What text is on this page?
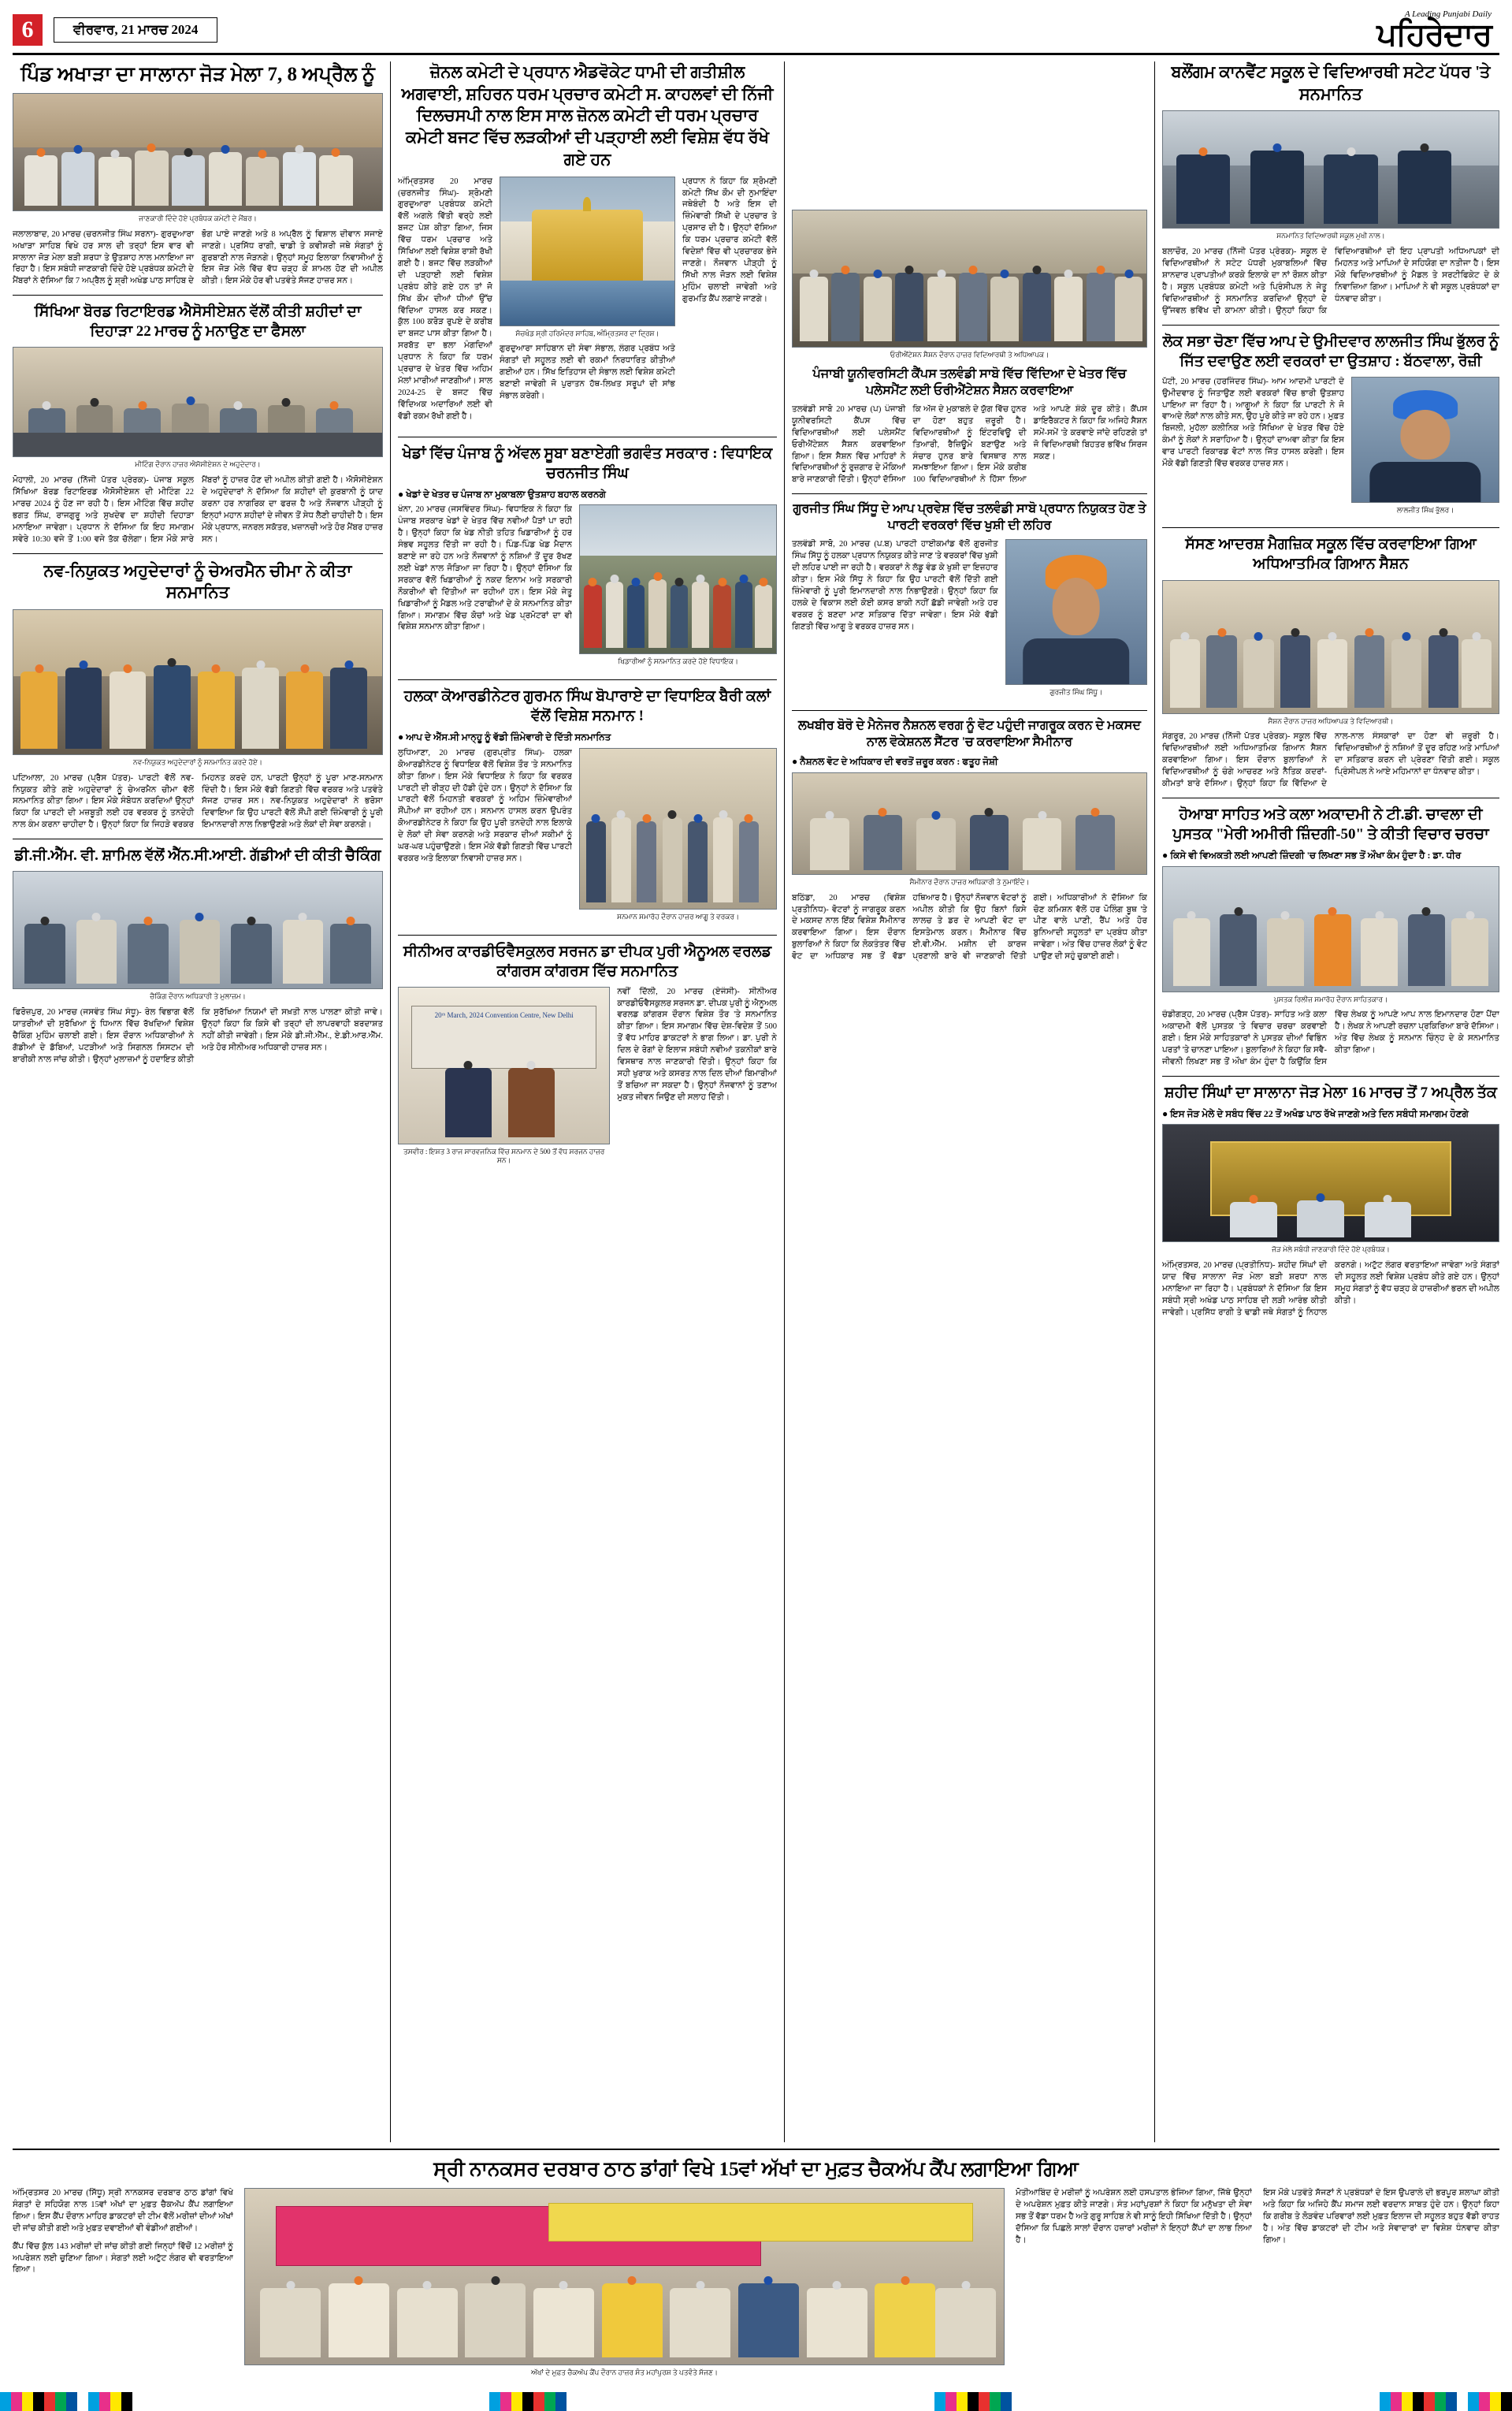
6	ਵੀਰਵਾਰ, 21 ਮਾਰਚ 2024
A Leading Punjabi Daily
ਪਹਿਰੇਦਾਰ
ਪਿੰਡ ਅਖਾੜਾ ਦਾ ਸਾਲਾਨਾ ਜੋੜ ਮੇਲਾ 7, 8 ਅਪ੍ਰੈਲ ਨੂੰ
ਜਾਣਕਾਰੀ ਦਿੰਦੇ ਹੋਏ ਪ੍ਰਬੰਧਕ ਕਮੇਟੀ ਦੇ ਮੈਂਬਰ।
ਜਲਾਲਾਬਾਦ, 20 ਮਾਰਚ (ਚਰਨਜੀਤ ਸਿੰਘ ਸਰਨਾ)- ਗੁਰਦੁਆਰਾ ਅਖਾੜਾ ਸਾਹਿਬ ਵਿਖੇ ਹਰ ਸਾਲ ਦੀ ਤਰ੍ਹਾਂ ਇਸ ਵਾਰ ਵੀ ਸਾਲਾਨਾ ਜੋੜ ਮੇਲਾ ਬੜੀ ਸ਼ਰਧਾ ਤੇ ਉਤਸ਼ਾਹ ਨਾਲ ਮਨਾਇਆ ਜਾ ਰਿਹਾ ਹੈ। ਇਸ ਸਬੰਧੀ ਜਾਣਕਾਰੀ ਦਿੰਦੇ ਹੋਏ ਪ੍ਰਬੰਧਕ ਕਮੇਟੀ ਦੇ ਮੈਂਬਰਾਂ ਨੇ ਦੱਸਿਆ ਕਿ 7 ਅਪ੍ਰੈਲ ਨੂੰ ਸ਼੍ਰੀ ਅਖੰਡ ਪਾਠ ਸਾਹਿਬ ਦੇ ਭੋਗ ਪਾਏ ਜਾਣਗੇ ਅਤੇ 8 ਅਪ੍ਰੈਲ ਨੂੰ ਵਿਸ਼ਾਲ ਦੀਵਾਨ ਸਜਾਏ ਜਾਣਗੇ। ਪ੍ਰਸਿੱਧ ਰਾਗੀ, ਢਾਡੀ ਤੇ ਕਵੀਸ਼ਰੀ ਜਥੇ ਸੰਗਤਾਂ ਨੂੰ ਗੁਰਬਾਣੀ ਨਾਲ ਜੋੜਨਗੇ। ਉਨ੍ਹਾਂ ਸਮੂਹ ਇਲਾਕਾ ਨਿਵਾਸੀਆਂ ਨੂੰ ਇਸ ਜੋੜ ਮੇਲੇ ਵਿੱਚ ਵੱਧ ਚੜ੍ਹ ਕੇ ਸ਼ਾਮਲ ਹੋਣ ਦੀ ਅਪੀਲ ਕੀਤੀ। ਇਸ ਮੌਕੇ ਹੋਰ ਵੀ ਪਤਵੰਤੇ ਸੱਜਣ ਹਾਜ਼ਰ ਸਨ।
ਸਿੱਖਿਆ ਬੋਰਡ ਰਿਟਾਇਰਡ ਐਸੋਸੀਏਸ਼ਨ ਵੱਲੋਂ ਕੀਤੀ ਸ਼ਹੀਦਾਂ ਦਾ ਦਿਹਾੜਾ 22 ਮਾਰਚ ਨੂੰ ਮਨਾਉਣ ਦਾ ਫੈਸਲਾ
ਮੀਟਿੰਗ ਦੌਰਾਨ ਹਾਜ਼ਰ ਐਸੋਸੀਏਸ਼ਨ ਦੇ ਅਹੁਦੇਦਾਰ।
ਮੋਹਾਲੀ, 20 ਮਾਰਚ (ਨਿੱਜੀ ਪੱਤਰ ਪ੍ਰੇਰਕ)- ਪੰਜਾਬ ਸਕੂਲ ਸਿੱਖਿਆ ਬੋਰਡ ਰਿਟਾਇਰਡ ਐਸੋਸੀਏਸ਼ਨ ਦੀ ਮੀਟਿੰਗ 22 ਮਾਰਚ 2024 ਨੂੰ ਹੋਣ ਜਾ ਰਹੀ ਹੈ। ਇਸ ਮੀਟਿੰਗ ਵਿੱਚ ਸ਼ਹੀਦ ਭਗਤ ਸਿੰਘ, ਰਾਜਗੁਰੂ ਅਤੇ ਸੁਖਦੇਵ ਦਾ ਸ਼ਹੀਦੀ ਦਿਹਾੜਾ ਮਨਾਇਆ ਜਾਵੇਗਾ। ਪ੍ਰਧਾਨ ਨੇ ਦੱਸਿਆ ਕਿ ਇਹ ਸਮਾਗਮ ਸਵੇਰੇ 10:30 ਵਜੇ ਤੋਂ 1:00 ਵਜੇ ਤੱਕ ਚੱਲੇਗਾ। ਇਸ ਮੌਕੇ ਸਾਰੇ ਮੈਂਬਰਾਂ ਨੂੰ ਹਾਜ਼ਰ ਹੋਣ ਦੀ ਅਪੀਲ ਕੀਤੀ ਗਈ ਹੈ। ਐਸੋਸੀਏਸ਼ਨ ਦੇ ਅਹੁਦੇਦਾਰਾਂ ਨੇ ਦੱਸਿਆ ਕਿ ਸ਼ਹੀਦਾਂ ਦੀ ਕੁਰਬਾਨੀ ਨੂੰ ਯਾਦ ਕਰਨਾ ਹਰ ਨਾਗਰਿਕ ਦਾ ਫਰਜ਼ ਹੈ ਅਤੇ ਨੌਜਵਾਨ ਪੀੜ੍ਹੀ ਨੂੰ ਇਨ੍ਹਾਂ ਮਹਾਨ ਸ਼ਹੀਦਾਂ ਦੇ ਜੀਵਨ ਤੋਂ ਸੇਧ ਲੈਣੀ ਚਾਹੀਦੀ ਹੈ। ਇਸ ਮੌਕੇ ਪ੍ਰਧਾਨ, ਜਨਰਲ ਸਕੱਤਰ, ਖ਼ਜ਼ਾਨਚੀ ਅਤੇ ਹੋਰ ਮੈਂਬਰ ਹਾਜ਼ਰ ਸਨ।
ਨਵ-ਨਿਯੁਕਤ ਅਹੁਦੇਦਾਰਾਂ ਨੂੰ ਚੇਅਰਮੈਨ ਚੀਮਾ ਨੇ ਕੀਤਾ ਸਨਮਾਨਿਤ
ਨਵ-ਨਿਯੁਕਤ ਅਹੁਦੇਦਾਰਾਂ ਨੂੰ ਸਨਮਾਨਿਤ ਕਰਦੇ ਹੋਏ।
ਪਟਿਆਲਾ, 20 ਮਾਰਚ (ਪ੍ਰੈਸ ਪੱਤਰ)- ਪਾਰਟੀ ਵੱਲੋਂ ਨਵ-ਨਿਯੁਕਤ ਕੀਤੇ ਗਏ ਅਹੁਦੇਦਾਰਾਂ ਨੂੰ ਚੇਅਰਮੈਨ ਚੀਮਾ ਵੱਲੋਂ ਸਨਮਾਨਿਤ ਕੀਤਾ ਗਿਆ। ਇਸ ਮੌਕੇ ਸੰਬੋਧਨ ਕਰਦਿਆਂ ਉਨ੍ਹਾਂ ਕਿਹਾ ਕਿ ਪਾਰਟੀ ਦੀ ਮਜ਼ਬੂਤੀ ਲਈ ਹਰ ਵਰਕਰ ਨੂੰ ਤਨਦੇਹੀ ਨਾਲ ਕੰਮ ਕਰਨਾ ਚਾਹੀਦਾ ਹੈ। ਉਨ੍ਹਾਂ ਕਿਹਾ ਕਿ ਜਿਹੜੇ ਵਰਕਰ ਮਿਹਨਤ ਕਰਦੇ ਹਨ, ਪਾਰਟੀ ਉਨ੍ਹਾਂ ਨੂੰ ਪੂਰਾ ਮਾਣ-ਸਨਮਾਨ ਦਿੰਦੀ ਹੈ। ਇਸ ਮੌਕੇ ਵੱਡੀ ਗਿਣਤੀ ਵਿੱਚ ਵਰਕਰ ਅਤੇ ਪਤਵੰਤੇ ਸੱਜਣ ਹਾਜ਼ਰ ਸਨ। ਨਵ-ਨਿਯੁਕਤ ਅਹੁਦੇਦਾਰਾਂ ਨੇ ਭਰੋਸਾ ਦਿਵਾਇਆ ਕਿ ਉਹ ਪਾਰਟੀ ਵੱਲੋਂ ਸੌਂਪੀ ਗਈ ਜ਼ਿੰਮੇਵਾਰੀ ਨੂੰ ਪੂਰੀ ਇਮਾਨਦਾਰੀ ਨਾਲ ਨਿਭਾਉਣਗੇ ਅਤੇ ਲੋਕਾਂ ਦੀ ਸੇਵਾ ਕਰਨਗੇ।
ਡੀ.ਜੀ.ਐੱਮ. ਵੀ. ਸ਼ਾਮਿਲ ਵੱਲੋਂ ਐੱਨ.ਸੀ.ਆਈ. ਗੱਡੀਆਂ ਦੀ ਕੀਤੀ ਚੈਕਿੰਗ
ਚੈਕਿੰਗ ਦੌਰਾਨ ਅਧਿਕਾਰੀ ਤੇ ਮੁਲਾਜ਼ਮ।
ਫਿਰੋਜ਼ਪੁਰ, 20 ਮਾਰਚ (ਜਸਵੰਤ ਸਿੰਘ ਸੰਧੂ)- ਰੇਲ ਵਿਭਾਗ ਵੱਲੋਂ ਯਾਤਰੀਆਂ ਦੀ ਸੁਰੱਖਿਆ ਨੂੰ ਧਿਆਨ ਵਿੱਚ ਰੱਖਦਿਆਂ ਵਿਸ਼ੇਸ਼ ਚੈਕਿੰਗ ਮੁਹਿੰਮ ਚਲਾਈ ਗਈ। ਇਸ ਦੌਰਾਨ ਅਧਿਕਾਰੀਆਂ ਨੇ ਗੱਡੀਆਂ ਦੇ ਡੱਬਿਆਂ, ਪਟੜੀਆਂ ਅਤੇ ਸਿਗਨਲ ਸਿਸਟਮ ਦੀ ਬਾਰੀਕੀ ਨਾਲ ਜਾਂਚ ਕੀਤੀ। ਉਨ੍ਹਾਂ ਮੁਲਾਜ਼ਮਾਂ ਨੂੰ ਹਦਾਇਤ ਕੀਤੀ ਕਿ ਸੁਰੱਖਿਆ ਨਿਯਮਾਂ ਦੀ ਸਖ਼ਤੀ ਨਾਲ ਪਾਲਣਾ ਕੀਤੀ ਜਾਵੇ। ਉਨ੍ਹਾਂ ਕਿਹਾ ਕਿ ਕਿਸੇ ਵੀ ਤਰ੍ਹਾਂ ਦੀ ਲਾਪਰਵਾਹੀ ਬਰਦਾਸ਼ਤ ਨਹੀਂ ਕੀਤੀ ਜਾਵੇਗੀ। ਇਸ ਮੌਕੇ ਡੀ.ਜੀ.ਐੱਮ., ਏ.ਡੀ.ਆਰ.ਐੱਮ. ਅਤੇ ਹੋਰ ਸੀਨੀਅਰ ਅਧਿਕਾਰੀ ਹਾਜ਼ਰ ਸਨ।
ਜ਼ੋਨਲ ਕਮੇਟੀ ਦੇ ਪ੍ਰਧਾਨ ਐਡਵੋਕੇਟ ਧਾਮੀ ਦੀ ਗਤੀਸ਼ੀਲ ਅਗਵਾਈ, ਸ਼ਹਿਰਨ ਧਰਮ ਪ੍ਰਚਾਰ ਕਮੇਟੀ ਸ. ਕਾਹਲਵਾਂ ਦੀ ਨਿੱਜੀ ਦਿਲਚਸਪੀ ਨਾਲ ਇਸ ਸਾਲ ਜ਼ੋਨਲ ਕਮੇਟੀ ਦੀ ਧਰਮ ਪ੍ਰਚਾਰ ਕਮੇਟੀ ਬਜਟ ਵਿੱਚ ਲੜਕੀਆਂ ਦੀ ਪੜ੍ਹਾਈ ਲਈ ਵਿਸ਼ੇਸ਼ ਵੱਧ ਰੱਖੇ ਗਏ ਹਨ
ਅੰਮ੍ਰਿਤਸਰ 20 ਮਾਰਚ (ਚਰਨਜੀਤ ਸਿੰਘ)- ਸ਼੍ਰੋਮਣੀ ਗੁਰਦੁਆਰਾ ਪ੍ਰਬੰਧਕ ਕਮੇਟੀ ਵੱਲੋਂ ਅਗਲੇ ਵਿੱਤੀ ਵਰ੍ਹੇ ਲਈ ਬਜਟ ਪੇਸ਼ ਕੀਤਾ ਗਿਆ, ਜਿਸ ਵਿੱਚ ਧਰਮ ਪ੍ਰਚਾਰ ਅਤੇ ਸਿੱਖਿਆ ਲਈ ਵਿਸ਼ੇਸ਼ ਰਾਸ਼ੀ ਰੱਖੀ ਗਈ ਹੈ। ਬਜਟ ਵਿੱਚ ਲੜਕੀਆਂ ਦੀ ਪੜ੍ਹਾਈ ਲਈ ਵਿਸ਼ੇਸ਼ ਪ੍ਰਬੰਧ ਕੀਤੇ ਗਏ ਹਨ ਤਾਂ ਜੋ ਸਿੱਖ ਕੌਮ ਦੀਆਂ ਧੀਆਂ ਉੱਚ ਵਿੱਦਿਆ ਹਾਸਲ ਕਰ ਸਕਣ। ਕੁੱਲ 100 ਕਰੋੜ ਰੁਪਏ ਦੇ ਕਰੀਬ ਦਾ ਬਜਟ ਪਾਸ ਕੀਤਾ ਗਿਆ ਹੈ। ਸਰਬੱਤ ਦਾ ਭਲਾ ਮੰਗਦਿਆਂ ਪ੍ਰਧਾਨ ਨੇ ਕਿਹਾ ਕਿ ਧਰਮ ਪ੍ਰਚਾਰ ਦੇ ਖੇਤਰ ਵਿੱਚ ਅਹਿਮ ਮੱਲਾਂ ਮਾਰੀਆਂ ਜਾਣਗੀਆਂ। ਸਾਲ 2024-25 ਦੇ ਬਜਟ ਵਿੱਚ ਵਿੱਦਿਅਕ ਅਦਾਰਿਆਂ ਲਈ ਵੀ ਵੱਡੀ ਰਕਮ ਰੱਖੀ ਗਈ ਹੈ।
ਸੱਚਖੰਡ ਸ੍ਰੀ ਹਰਿਮੰਦਰ ਸਾਹਿਬ, ਅੰਮ੍ਰਿਤਸਰ ਦਾ ਦ੍ਰਿਸ਼।
ਗੁਰਦੁਆਰਾ ਸਾਹਿਬਾਨ ਦੀ ਸੇਵਾ ਸੰਭਾਲ, ਲੰਗਰ ਪ੍ਰਬੰਧ ਅਤੇ ਸੰਗਤਾਂ ਦੀ ਸਹੂਲਤ ਲਈ ਵੀ ਰਕਮਾਂ ਨਿਰਧਾਰਿਤ ਕੀਤੀਆਂ ਗਈਆਂ ਹਨ। ਸਿੱਖ ਇਤਿਹਾਸ ਦੀ ਸੰਭਾਲ ਲਈ ਵਿਸ਼ੇਸ਼ ਕਮੇਟੀ ਬਣਾਈ ਜਾਵੇਗੀ ਜੋ ਪੁਰਾਤਨ ਹੱਥ-ਲਿਖਤ ਸਰੂਪਾਂ ਦੀ ਸਾਂਭ ਸੰਭਾਲ ਕਰੇਗੀ।
ਪ੍ਰਧਾਨ ਨੇ ਕਿਹਾ ਕਿ ਸ਼੍ਰੋਮਣੀ ਕਮੇਟੀ ਸਿੱਖ ਕੌਮ ਦੀ ਨੁਮਾਇੰਦਾ ਜਥੇਬੰਦੀ ਹੈ ਅਤੇ ਇਸ ਦੀ ਜ਼ਿੰਮੇਵਾਰੀ ਸਿੱਖੀ ਦੇ ਪ੍ਰਚਾਰ ਤੇ ਪ੍ਰਸਾਰ ਦੀ ਹੈ। ਉਨ੍ਹਾਂ ਦੱਸਿਆ ਕਿ ਧਰਮ ਪ੍ਰਚਾਰ ਕਮੇਟੀ ਵੱਲੋਂ ਵਿਦੇਸ਼ਾਂ ਵਿੱਚ ਵੀ ਪ੍ਰਚਾਰਕ ਭੇਜੇ ਜਾਣਗੇ। ਨੌਜਵਾਨ ਪੀੜ੍ਹੀ ਨੂੰ ਸਿੱਖੀ ਨਾਲ ਜੋੜਨ ਲਈ ਵਿਸ਼ੇਸ਼ ਮੁਹਿੰਮ ਚਲਾਈ ਜਾਵੇਗੀ ਅਤੇ ਗੁਰਮਤਿ ਕੈਂਪ ਲਗਾਏ ਜਾਣਗੇ।
ਖੇਡਾਂ ਵਿੱਚ ਪੰਜਾਬ ਨੂੰ ਅੱਵਲ ਸੂਬਾ ਬਣਾਏਗੀ ਭਗਵੰਤ ਸਰਕਾਰ : ਵਿਧਾਇਕ ਚਰਨਜੀਤ ਸਿੰਘ
● ਖੇਡਾਂ ਦੇ ਖੇਤਰ ਚ ਪੰਜਾਬ ਨਾ ਮੁਕਾਬਲਾ ਉਤਸ਼ਾਹ ਬਹਾਲ ਕਰਨਗੇ
ਖੰਨਾ, 20 ਮਾਰਚ (ਜਸਵਿੰਦਰ ਸਿੰਘ)- ਵਿਧਾਇਕ ਨੇ ਕਿਹਾ ਕਿ ਪੰਜਾਬ ਸਰਕਾਰ ਖੇਡਾਂ ਦੇ ਖੇਤਰ ਵਿੱਚ ਨਵੀਆਂ ਪੈੜਾਂ ਪਾ ਰਹੀ ਹੈ। ਉਨ੍ਹਾਂ ਕਿਹਾ ਕਿ ਖੇਡ ਨੀਤੀ ਤਹਿਤ ਖਿਡਾਰੀਆਂ ਨੂੰ ਹਰ ਸੰਭਵ ਸਹੂਲਤ ਦਿੱਤੀ ਜਾ ਰਹੀ ਹੈ। ਪਿੰਡ-ਪਿੰਡ ਖੇਡ ਮੈਦਾਨ ਬਣਾਏ ਜਾ ਰਹੇ ਹਨ ਅਤੇ ਨੌਜਵਾਨਾਂ ਨੂੰ ਨਸ਼ਿਆਂ ਤੋਂ ਦੂਰ ਰੱਖਣ ਲਈ ਖੇਡਾਂ ਨਾਲ ਜੋੜਿਆ ਜਾ ਰਿਹਾ ਹੈ। ਉਨ੍ਹਾਂ ਦੱਸਿਆ ਕਿ ਸਰਕਾਰ ਵੱਲੋਂ ਖਿਡਾਰੀਆਂ ਨੂੰ ਨਕਦ ਇਨਾਮ ਅਤੇ ਸਰਕਾਰੀ ਨੌਕਰੀਆਂ ਵੀ ਦਿੱਤੀਆਂ ਜਾ ਰਹੀਆਂ ਹਨ। ਇਸ ਮੌਕੇ ਜੇਤੂ ਖਿਡਾਰੀਆਂ ਨੂੰ ਮੈਡਲ ਅਤੇ ਟਰਾਫੀਆਂ ਦੇ ਕੇ ਸਨਮਾਨਿਤ ਕੀਤਾ ਗਿਆ। ਸਮਾਗਮ ਵਿੱਚ ਕੋਚਾਂ ਅਤੇ ਖੇਡ ਪ੍ਰਮੋਟਰਾਂ ਦਾ ਵੀ ਵਿਸ਼ੇਸ਼ ਸਨਮਾਨ ਕੀਤਾ ਗਿਆ।
ਖਿਡਾਰੀਆਂ ਨੂੰ ਸਨਮਾਨਿਤ ਕਰਦੇ ਹੋਏ ਵਿਧਾਇਕ।
ਹਲਕਾ ਕੋਆਰਡੀਨੇਟਰ ਗੁਰਮਨ ਸਿੰਘ ਬੋਪਾਰਾਏ ਦਾ ਵਿਧਾਇਕ ਬੈਰੀ ਕਲਾਂ ਵੱਲੋਂ ਵਿਸ਼ੇਸ਼ ਸਨਮਾਨ !
● ਆਪ ਦੇ ਐੱਸ.ਸੀ ਮਾਨ੍ਹੂ ਨੂੰ ਵੱਡੀ ਜ਼ਿੰਮੇਵਾਰੀ ਦੇ ਦਿੱਤੀ ਸਨਮਾਨਿਤ
ਲੁਧਿਆਣਾ, 20 ਮਾਰਚ (ਗੁਰਪ੍ਰੀਤ ਸਿੰਘ)- ਹਲਕਾ ਕੋਆਰਡੀਨੇਟਰ ਨੂੰ ਵਿਧਾਇਕ ਵੱਲੋਂ ਵਿਸ਼ੇਸ਼ ਤੌਰ 'ਤੇ ਸਨਮਾਨਿਤ ਕੀਤਾ ਗਿਆ। ਇਸ ਮੌਕੇ ਵਿਧਾਇਕ ਨੇ ਕਿਹਾ ਕਿ ਵਰਕਰ ਪਾਰਟੀ ਦੀ ਰੀੜ੍ਹ ਦੀ ਹੱਡੀ ਹੁੰਦੇ ਹਨ। ਉਨ੍ਹਾਂ ਨੇ ਦੱਸਿਆ ਕਿ ਪਾਰਟੀ ਵੱਲੋਂ ਮਿਹਨਤੀ ਵਰਕਰਾਂ ਨੂੰ ਅਹਿਮ ਜ਼ਿੰਮੇਵਾਰੀਆਂ ਸੌਂਪੀਆਂ ਜਾ ਰਹੀਆਂ ਹਨ। ਸਨਮਾਨ ਹਾਸਲ ਕਰਨ ਉਪਰੰਤ ਕੋਆਰਡੀਨੇਟਰ ਨੇ ਕਿਹਾ ਕਿ ਉਹ ਪੂਰੀ ਤਨਦੇਹੀ ਨਾਲ ਇਲਾਕੇ ਦੇ ਲੋਕਾਂ ਦੀ ਸੇਵਾ ਕਰਨਗੇ ਅਤੇ ਸਰਕਾਰ ਦੀਆਂ ਸਕੀਮਾਂ ਨੂੰ ਘਰ-ਘਰ ਪਹੁੰਚਾਉਣਗੇ। ਇਸ ਮੌਕੇ ਵੱਡੀ ਗਿਣਤੀ ਵਿੱਚ ਪਾਰਟੀ ਵਰਕਰ ਅਤੇ ਇਲਾਕਾ ਨਿਵਾਸੀ ਹਾਜ਼ਰ ਸਨ।
ਸਨਮਾਨ ਸਮਾਰੋਹ ਦੌਰਾਨ ਹਾਜ਼ਰ ਆਗੂ ਤੇ ਵਰਕਰ।
ਸੀਨੀਅਰ ਕਾਰਡੀਓਵੈਸਕੁਲਰ ਸਰਜਨ ਡਾ ਦੀਪਕ ਪੁਰੀ ਐਨੂਅਲ ਵਰਲਡ ਕਾਂਗਰਸ ਕਾਂਗਰਸ ਵਿੱਚ ਸਨਮਾਨਿਤ
20ᵗʰ March, 2024 Convention Centre, New Delhi
ਤਸਵੀਰ : ਇਸ਼ਤ 3 ਰਾਜ ਸਾਰਵਜਨਿਕ ਵਿੱਚ ਸਨਮਾਨ ਦੇ 500 ਤੋਂ ਵੱਧ ਸਰਜਨ ਹਾਜ਼ਰ ਸਨ।
ਨਵੀਂ ਦਿੱਲੀ, 20 ਮਾਰਚ (ਏਜੰਸੀ)- ਸੀਨੀਅਰ ਕਾਰਡੀਓਵੈਸਕੁਲਰ ਸਰਜਨ ਡਾ. ਦੀਪਕ ਪੁਰੀ ਨੂੰ ਐਨੂਅਲ ਵਰਲਡ ਕਾਂਗਰਸ ਦੌਰਾਨ ਵਿਸ਼ੇਸ਼ ਤੌਰ 'ਤੇ ਸਨਮਾਨਿਤ ਕੀਤਾ ਗਿਆ। ਇਸ ਸਮਾਗਮ ਵਿੱਚ ਦੇਸ਼-ਵਿਦੇਸ਼ ਤੋਂ 500 ਤੋਂ ਵੱਧ ਮਾਹਿਰ ਡਾਕਟਰਾਂ ਨੇ ਭਾਗ ਲਿਆ। ਡਾ. ਪੁਰੀ ਨੇ ਦਿਲ ਦੇ ਰੋਗਾਂ ਦੇ ਇਲਾਜ ਸਬੰਧੀ ਨਵੀਆਂ ਤਕਨੀਕਾਂ ਬਾਰੇ ਵਿਸਥਾਰ ਨਾਲ ਜਾਣਕਾਰੀ ਦਿੱਤੀ। ਉਨ੍ਹਾਂ ਕਿਹਾ ਕਿ ਸਹੀ ਖੁਰਾਕ ਅਤੇ ਕਸਰਤ ਨਾਲ ਦਿਲ ਦੀਆਂ ਬਿਮਾਰੀਆਂ ਤੋਂ ਬਚਿਆ ਜਾ ਸਕਦਾ ਹੈ। ਉਨ੍ਹਾਂ ਨੌਜਵਾਨਾਂ ਨੂੰ ਤਣਾਅ ਮੁਕਤ ਜੀਵਨ ਜਿਉਣ ਦੀ ਸਲਾਹ ਦਿੱਤੀ।
ਓਰੀਐਂਟੇਸ਼ਨ ਸੈਸ਼ਨ ਦੌਰਾਨ ਹਾਜ਼ਰ ਵਿਦਿਆਰਥੀ ਤੇ ਅਧਿਆਪਕ।
ਪੰਜਾਬੀ ਯੂਨੀਵਰਸਿਟੀ ਕੈਂਪਸ ਤਲਵੰਡੀ ਸਾਬੋ ਵਿੱਚ ਵਿੱਦਿਆ ਦੇ ਖੇਤਰ ਵਿੱਚ ਪਲੇਸਮੈਂਟ ਲਈ ਓਰੀਐਂਟੇਸ਼ਨ ਸੈਸ਼ਨ ਕਰਵਾਇਆ
ਤਲਵੰਡੀ ਸਾਬੋ 20 ਮਾਰਚ (ਪ) ਪੰਜਾਬੀ ਯੂਨੀਵਰਸਿਟੀ ਕੈਂਪਸ ਵਿੱਚ ਵਿਦਿਆਰਥੀਆਂ ਲਈ ਪਲੇਸਮੈਂਟ ਓਰੀਐਂਟੇਸ਼ਨ ਸੈਸ਼ਨ ਕਰਵਾਇਆ ਗਿਆ। ਇਸ ਸੈਸ਼ਨ ਵਿੱਚ ਮਾਹਿਰਾਂ ਨੇ ਵਿਦਿਆਰਥੀਆਂ ਨੂੰ ਰੁਜ਼ਗਾਰ ਦੇ ਮੌਕਿਆਂ ਬਾਰੇ ਜਾਣਕਾਰੀ ਦਿੱਤੀ। ਉਨ੍ਹਾਂ ਦੱਸਿਆ ਕਿ ਅੱਜ ਦੇ ਮੁਕਾਬਲੇ ਦੇ ਯੁੱਗ ਵਿੱਚ ਹੁਨਰ ਦਾ ਹੋਣਾ ਬਹੁਤ ਜ਼ਰੂਰੀ ਹੈ। ਵਿਦਿਆਰਥੀਆਂ ਨੂੰ ਇੰਟਰਵਿਊ ਦੀ ਤਿਆਰੀ, ਰੈਜ਼ਿਊਮੇ ਬਣਾਉਣ ਅਤੇ ਸੰਚਾਰ ਹੁਨਰ ਬਾਰੇ ਵਿਸਥਾਰ ਨਾਲ ਸਮਝਾਇਆ ਗਿਆ। ਇਸ ਮੌਕੇ ਕਰੀਬ 100 ਵਿਦਿਆਰਥੀਆਂ ਨੇ ਹਿੱਸਾ ਲਿਆ ਅਤੇ ਆਪਣੇ ਸ਼ੰਕੇ ਦੂਰ ਕੀਤੇ। ਕੈਂਪਸ ਡਾਇਰੈਕਟਰ ਨੇ ਕਿਹਾ ਕਿ ਅਜਿਹੇ ਸੈਸ਼ਨ ਸਮੇਂ-ਸਮੇਂ 'ਤੇ ਕਰਵਾਏ ਜਾਂਦੇ ਰਹਿਣਗੇ ਤਾਂ ਜੋ ਵਿਦਿਆਰਥੀ ਬਿਹਤਰ ਭਵਿੱਖ ਸਿਰਜ ਸਕਣ।
ਗੁਰਜੀਤ ਸਿੰਘ ਸਿੱਧੂ ਦੇ ਆਪ ਪ੍ਰਵੇਸ਼ ਵਿੱਚ ਤਲਵੰਡੀ ਸਾਬੋ ਪ੍ਰਧਾਨ ਨਿਯੁਕਤ ਹੋਣ ਤੇ ਪਾਰਟੀ ਵਰਕਰਾਂ ਵਿੱਚ ਖੁਸ਼ੀ ਦੀ ਲਹਿਰ
ਤਲਵੰਡੀ ਸਾਬੋ, 20 ਮਾਰਚ (ਪ.ਬ) ਪਾਰਟੀ ਹਾਈਕਮਾਂਡ ਵੱਲੋਂ ਗੁਰਜੀਤ ਸਿੰਘ ਸਿੱਧੂ ਨੂੰ ਹਲਕਾ ਪ੍ਰਧਾਨ ਨਿਯੁਕਤ ਕੀਤੇ ਜਾਣ 'ਤੇ ਵਰਕਰਾਂ ਵਿੱਚ ਖੁਸ਼ੀ ਦੀ ਲਹਿਰ ਪਾਈ ਜਾ ਰਹੀ ਹੈ। ਵਰਕਰਾਂ ਨੇ ਲੱਡੂ ਵੰਡ ਕੇ ਖੁਸ਼ੀ ਦਾ ਇਜ਼ਹਾਰ ਕੀਤਾ। ਇਸ ਮੌਕੇ ਸਿੱਧੂ ਨੇ ਕਿਹਾ ਕਿ ਉਹ ਪਾਰਟੀ ਵੱਲੋਂ ਦਿੱਤੀ ਗਈ ਜ਼ਿੰਮੇਵਾਰੀ ਨੂੰ ਪੂਰੀ ਇਮਾਨਦਾਰੀ ਨਾਲ ਨਿਭਾਉਣਗੇ। ਉਨ੍ਹਾਂ ਕਿਹਾ ਕਿ ਹਲਕੇ ਦੇ ਵਿਕਾਸ ਲਈ ਕੋਈ ਕਸਰ ਬਾਕੀ ਨਹੀਂ ਛੱਡੀ ਜਾਵੇਗੀ ਅਤੇ ਹਰ ਵਰਕਰ ਨੂੰ ਬਣਦਾ ਮਾਣ ਸਤਿਕਾਰ ਦਿੱਤਾ ਜਾਵੇਗਾ। ਇਸ ਮੌਕੇ ਵੱਡੀ ਗਿਣਤੀ ਵਿੱਚ ਆਗੂ ਤੇ ਵਰਕਰ ਹਾਜ਼ਰ ਸਨ।
ਗੁਰਜੀਤ ਸਿੰਘ ਸਿੱਧੂ।
ਲਖਬੀਰ ਬੋਰੋ ਦੇ ਮੈਨੇਜਰ ਨੈਸ਼ਨਲ ਵਰਗ ਨੂੰ ਵੋਟ ਪਹੁੰਦੀ ਜਾਗਰੂਕ ਕਰਨ ਦੇ ਮਕਸਦ ਨਾਲ ਵੋਕੇਸ਼ਨਲ ਸੈਂਟਰ 'ਚ ਕਰਵਾਇਆ ਸੈਮੀਨਾਰ
● ਨੈਸ਼ਨਲ ਵੋਟ ਦੇ ਅਧਿਕਾਰ ਦੀ ਵਰਤੋਂ ਜ਼ਰੂਰ ਕਰਨ : ਫਤੂਹ ਜੋਸ਼ੀ
ਸੈਮੀਨਾਰ ਦੌਰਾਨ ਹਾਜ਼ਰ ਅਧਿਕਾਰੀ ਤੇ ਨੁਮਾਇੰਦੇ।
ਬਠਿੰਡਾ, 20 ਮਾਰਚ (ਵਿਸ਼ੇਸ਼ ਪ੍ਰਤੀਨਿਧ)- ਵੋਟਰਾਂ ਨੂੰ ਜਾਗਰੂਕ ਕਰਨ ਦੇ ਮਕਸਦ ਨਾਲ ਇੱਕ ਵਿਸ਼ੇਸ਼ ਸੈਮੀਨਾਰ ਕਰਵਾਇਆ ਗਿਆ। ਇਸ ਦੌਰਾਨ ਬੁਲਾਰਿਆਂ ਨੇ ਕਿਹਾ ਕਿ ਲੋਕਤੰਤਰ ਵਿੱਚ ਵੋਟ ਦਾ ਅਧਿਕਾਰ ਸਭ ਤੋਂ ਵੱਡਾ ਹਥਿਆਰ ਹੈ। ਉਨ੍ਹਾਂ ਨੌਜਵਾਨ ਵੋਟਰਾਂ ਨੂੰ ਅਪੀਲ ਕੀਤੀ ਕਿ ਉਹ ਬਿਨਾਂ ਕਿਸੇ ਲਾਲਚ ਤੇ ਡਰ ਦੇ ਆਪਣੀ ਵੋਟ ਦਾ ਇਸਤੇਮਾਲ ਕਰਨ। ਸੈਮੀਨਾਰ ਵਿੱਚ ਈ.ਵੀ.ਐੱਮ. ਮਸ਼ੀਨ ਦੀ ਕਾਰਜ ਪ੍ਰਣਾਲੀ ਬਾਰੇ ਵੀ ਜਾਣਕਾਰੀ ਦਿੱਤੀ ਗਈ। ਅਧਿਕਾਰੀਆਂ ਨੇ ਦੱਸਿਆ ਕਿ ਚੋਣ ਕਮਿਸ਼ਨ ਵੱਲੋਂ ਹਰ ਪੋਲਿੰਗ ਬੂਥ 'ਤੇ ਪੀਣ ਵਾਲੇ ਪਾਣੀ, ਰੈਂਪ ਅਤੇ ਹੋਰ ਬੁਨਿਆਦੀ ਸਹੂਲਤਾਂ ਦਾ ਪ੍ਰਬੰਧ ਕੀਤਾ ਜਾਵੇਗਾ। ਅੰਤ ਵਿੱਚ ਹਾਜ਼ਰ ਲੋਕਾਂ ਨੂੰ ਵੋਟ ਪਾਉਣ ਦੀ ਸਹੁੰ ਚੁਕਾਈ ਗਈ।
ਬਲੌਂਗਮ ਕਾਨਵੈਂਟ ਸਕੂਲ ਦੇ ਵਿਦਿਆਰਥੀ ਸਟੇਟ ਪੱਧਰ 'ਤੇ ਸਨਮਾਨਿਤ
ਸਨਮਾਨਿਤ ਵਿਦਿਆਰਥੀ ਸਕੂਲ ਮੁਖੀ ਨਾਲ।
ਬਲਾਚੌਰ, 20 ਮਾਰਚ (ਨਿੱਜੀ ਪੱਤਰ ਪ੍ਰੇਰਕ)- ਸਕੂਲ ਦੇ ਵਿਦਿਆਰਥੀਆਂ ਨੇ ਸਟੇਟ ਪੱਧਰੀ ਮੁਕਾਬਲਿਆਂ ਵਿੱਚ ਸ਼ਾਨਦਾਰ ਪ੍ਰਾਪਤੀਆਂ ਕਰਕੇ ਇਲਾਕੇ ਦਾ ਨਾਂ ਰੌਸ਼ਨ ਕੀਤਾ ਹੈ। ਸਕੂਲ ਪ੍ਰਬੰਧਕ ਕਮੇਟੀ ਅਤੇ ਪ੍ਰਿੰਸੀਪਲ ਨੇ ਜੇਤੂ ਵਿਦਿਆਰਥੀਆਂ ਨੂੰ ਸਨਮਾਨਿਤ ਕਰਦਿਆਂ ਉਨ੍ਹਾਂ ਦੇ ਉੱਜਵਲ ਭਵਿੱਖ ਦੀ ਕਾਮਨਾ ਕੀਤੀ। ਉਨ੍ਹਾਂ ਕਿਹਾ ਕਿ ਵਿਦਿਆਰਥੀਆਂ ਦੀ ਇਹ ਪ੍ਰਾਪਤੀ ਅਧਿਆਪਕਾਂ ਦੀ ਮਿਹਨਤ ਅਤੇ ਮਾਪਿਆਂ ਦੇ ਸਹਿਯੋਗ ਦਾ ਨਤੀਜਾ ਹੈ। ਇਸ ਮੌਕੇ ਵਿਦਿਆਰਥੀਆਂ ਨੂੰ ਮੈਡਲ ਤੇ ਸਰਟੀਫਿਕੇਟ ਦੇ ਕੇ ਨਿਵਾਜ਼ਿਆ ਗਿਆ। ਮਾਪਿਆਂ ਨੇ ਵੀ ਸਕੂਲ ਪ੍ਰਬੰਧਕਾਂ ਦਾ ਧੰਨਵਾਦ ਕੀਤਾ।
ਲੋਕ ਸਭਾ ਚੋਣਾ ਵਿੱਚ ਆਪ ਦੇ ਉਮੀਦਵਾਰ ਲਾਲਜੀਤ ਸਿੰਘ ਭੁੱਲਰ ਨੂੰ ਜਿੱਤ ਦਵਾਉਣ ਲਈ ਵਰਕਰਾਂ ਦਾ ਉਤਸ਼ਾਹ : ਬੱਠਵਾਲਾ, ਰੋਜ਼ੀ
ਪੱਟੀ, 20 ਮਾਰਚ (ਹਰਜਿੰਦਰ ਸਿੰਘ)- ਆਮ ਆਦਮੀ ਪਾਰਟੀ ਦੇ ਉਮੀਦਵਾਰ ਨੂੰ ਜਿਤਾਉਣ ਲਈ ਵਰਕਰਾਂ ਵਿੱਚ ਭਾਰੀ ਉਤਸ਼ਾਹ ਪਾਇਆ ਜਾ ਰਿਹਾ ਹੈ। ਆਗੂਆਂ ਨੇ ਕਿਹਾ ਕਿ ਪਾਰਟੀ ਨੇ ਜੋ ਵਾਅਦੇ ਲੋਕਾਂ ਨਾਲ ਕੀਤੇ ਸਨ, ਉਹ ਪੂਰੇ ਕੀਤੇ ਜਾ ਰਹੇ ਹਨ। ਮੁਫ਼ਤ ਬਿਜਲੀ, ਮੁਹੱਲਾ ਕਲੀਨਿਕ ਅਤੇ ਸਿੱਖਿਆ ਦੇ ਖੇਤਰ ਵਿੱਚ ਹੋਏ ਕੰਮਾਂ ਨੂੰ ਲੋਕਾਂ ਨੇ ਸਰਾਹਿਆ ਹੈ। ਉਨ੍ਹਾਂ ਦਾਅਵਾ ਕੀਤਾ ਕਿ ਇਸ ਵਾਰ ਪਾਰਟੀ ਰਿਕਾਰਡ ਵੋਟਾਂ ਨਾਲ ਜਿੱਤ ਹਾਸਲ ਕਰੇਗੀ। ਇਸ ਮੌਕੇ ਵੱਡੀ ਗਿਣਤੀ ਵਿੱਚ ਵਰਕਰ ਹਾਜ਼ਰ ਸਨ।
ਲਾਲਜੀਤ ਸਿੰਘ ਭੁੱਲਰ।
ਸੱਸਣ ਆਦਰਸ਼ ਮੈਗਜ਼ਿਕ ਸਕੂਲ ਵਿੱਚ ਕਰਵਾਇਆ ਗਿਆ ਅਧਿਆਤਮਿਕ ਗਿਆਨ ਸੈਸ਼ਨ
ਸੈਸ਼ਨ ਦੌਰਾਨ ਹਾਜ਼ਰ ਅਧਿਆਪਕ ਤੇ ਵਿਦਿਆਰਥੀ।
ਸੰਗਰੂਰ, 20 ਮਾਰਚ (ਨਿੱਜੀ ਪੱਤਰ ਪ੍ਰੇਰਕ)- ਸਕੂਲ ਵਿੱਚ ਵਿਦਿਆਰਥੀਆਂ ਲਈ ਅਧਿਆਤਮਿਕ ਗਿਆਨ ਸੈਸ਼ਨ ਕਰਵਾਇਆ ਗਿਆ। ਇਸ ਦੌਰਾਨ ਬੁਲਾਰਿਆਂ ਨੇ ਵਿਦਿਆਰਥੀਆਂ ਨੂੰ ਚੰਗੇ ਆਚਰਣ ਅਤੇ ਨੈਤਿਕ ਕਦਰਾਂ-ਕੀਮਤਾਂ ਬਾਰੇ ਦੱਸਿਆ। ਉਨ੍ਹਾਂ ਕਿਹਾ ਕਿ ਵਿੱਦਿਆ ਦੇ ਨਾਲ-ਨਾਲ ਸੰਸਕਾਰਾਂ ਦਾ ਹੋਣਾ ਵੀ ਜ਼ਰੂਰੀ ਹੈ। ਵਿਦਿਆਰਥੀਆਂ ਨੂੰ ਨਸ਼ਿਆਂ ਤੋਂ ਦੂਰ ਰਹਿਣ ਅਤੇ ਮਾਪਿਆਂ ਦਾ ਸਤਿਕਾਰ ਕਰਨ ਦੀ ਪ੍ਰੇਰਣਾ ਦਿੱਤੀ ਗਈ। ਸਕੂਲ ਪ੍ਰਿੰਸੀਪਲ ਨੇ ਆਏ ਮਹਿਮਾਨਾਂ ਦਾ ਧੰਨਵਾਦ ਕੀਤਾ।
ਹੋਆਬਾ ਸਾਹਿਤ ਅਤੇ ਕਲਾ ਅਕਾਦਮੀ ਨੇ ਟੀ.ਡੀ. ਚਾਵਲਾ ਦੀ ਪੁਸਤਕ "ਮੇਰੀ ਅਮੀਰੀ ਜ਼ਿੰਦਗੀ-50" ਤੇ ਕੀਤੀ ਵਿਚਾਰ ਚਰਚਾ
● ਕਿਸੇ ਵੀ ਵਿਅਕਤੀ ਲਈ ਆਪਣੀ ਜ਼ਿੰਦਗੀ 'ਚ ਲਿਖਣਾ ਸਭ ਤੋਂ ਔਖਾ ਕੰਮ ਹੁੰਦਾ ਹੈ : ਡਾ. ਧੀਰ
ਪੁਸਤਕ ਰਿਲੀਜ਼ ਸਮਾਰੋਹ ਦੌਰਾਨ ਸਾਹਿਤਕਾਰ।
ਚੰਡੀਗੜ੍ਹ, 20 ਮਾਰਚ (ਪ੍ਰੈਸ ਪੱਤਰ)- ਸਾਹਿਤ ਅਤੇ ਕਲਾ ਅਕਾਦਮੀ ਵੱਲੋਂ ਪੁਸਤਕ 'ਤੇ ਵਿਚਾਰ ਚਰਚਾ ਕਰਵਾਈ ਗਈ। ਇਸ ਮੌਕੇ ਸਾਹਿਤਕਾਰਾਂ ਨੇ ਪੁਸਤਕ ਦੀਆਂ ਵਿਭਿੰਨ ਪਰਤਾਂ 'ਤੇ ਚਾਨਣਾ ਪਾਇਆ। ਬੁਲਾਰਿਆਂ ਨੇ ਕਿਹਾ ਕਿ ਸਵੈ-ਜੀਵਨੀ ਲਿਖਣਾ ਸਭ ਤੋਂ ਔਖਾ ਕੰਮ ਹੁੰਦਾ ਹੈ ਕਿਉਂਕਿ ਇਸ ਵਿੱਚ ਲੇਖਕ ਨੂੰ ਆਪਣੇ ਆਪ ਨਾਲ ਇਮਾਨਦਾਰ ਹੋਣਾ ਪੈਂਦਾ ਹੈ। ਲੇਖਕ ਨੇ ਆਪਣੀ ਰਚਨਾ ਪ੍ਰਕਿਰਿਆ ਬਾਰੇ ਦੱਸਿਆ। ਅੰਤ ਵਿੱਚ ਲੇਖਕ ਨੂੰ ਸਨਮਾਨ ਚਿੰਨ੍ਹ ਦੇ ਕੇ ਸਨਮਾਨਿਤ ਕੀਤਾ ਗਿਆ।
ਸ਼ਹੀਦ ਸਿੰਘਾਂ ਦਾ ਸਾਲਾਨਾ ਜੋੜ ਮੇਲਾ 16 ਮਾਰਚ ਤੋਂ 7 ਅਪ੍ਰੈਲ ਤੱਕ
● ਇਸ ਜੋੜ ਮੇਲੇ ਦੇ ਸਬੰਧ ਵਿੱਚ 22 ਤੋਂ ਅਖੰਡ ਪਾਠ ਰੱਖੇ ਜਾਣਗੇ ਅਤੇ ਦਿਨ ਸਬੰਧੀ ਸਮਾਗਮ ਹੋਣਗੇ
ਜੋੜ ਮੇਲੇ ਸਬੰਧੀ ਜਾਣਕਾਰੀ ਦਿੰਦੇ ਹੋਏ ਪ੍ਰਬੰਧਕ।
ਅੰਮ੍ਰਿਤਸਰ, 20 ਮਾਰਚ (ਪ੍ਰਤੀਨਿਧ)- ਸ਼ਹੀਦ ਸਿੰਘਾਂ ਦੀ ਯਾਦ ਵਿੱਚ ਸਾਲਾਨਾ ਜੋੜ ਮੇਲਾ ਬੜੀ ਸ਼ਰਧਾ ਨਾਲ ਮਨਾਇਆ ਜਾ ਰਿਹਾ ਹੈ। ਪ੍ਰਬੰਧਕਾਂ ਨੇ ਦੱਸਿਆ ਕਿ ਇਸ ਸਬੰਧੀ ਸ੍ਰੀ ਅਖੰਡ ਪਾਠ ਸਾਹਿਬ ਦੀ ਲੜੀ ਆਰੰਭ ਕੀਤੀ ਜਾਵੇਗੀ। ਪ੍ਰਸਿੱਧ ਰਾਗੀ ਤੇ ਢਾਡੀ ਜਥੇ ਸੰਗਤਾਂ ਨੂੰ ਨਿਹਾਲ ਕਰਨਗੇ। ਅਟੁੱਟ ਲੰਗਰ ਵਰਤਾਇਆ ਜਾਵੇਗਾ ਅਤੇ ਸੰਗਤਾਂ ਦੀ ਸਹੂਲਤ ਲਈ ਵਿਸ਼ੇਸ਼ ਪ੍ਰਬੰਧ ਕੀਤੇ ਗਏ ਹਨ। ਉਨ੍ਹਾਂ ਸਮੂਹ ਸੰਗਤਾਂ ਨੂੰ ਵੱਧ ਚੜ੍ਹ ਕੇ ਹਾਜ਼ਰੀਆਂ ਭਰਨ ਦੀ ਅਪੀਲ ਕੀਤੀ।
ਸ੍ਰੀ ਨਾਨਕਸਰ ਦਰਬਾਰ ਠਾਠ ਡਾਂਗਾਂ ਵਿਖੇ 15ਵਾਂ ਅੱਖਾਂ ਦਾ ਮੁਫ਼ਤ ਚੈਕਅੱਪ ਕੈਂਪ ਲਗਾਇਆ ਗਿਆ
ਅੰਮ੍ਰਿਤਸਰ 20 ਮਾਰਚ (ਸਿੱਧੂ) ਸ੍ਰੀ ਨਾਨਕਸਰ ਦਰਬਾਰ ਠਾਠ ਡਾਂਗਾਂ ਵਿਖੇ ਸੰਗਤਾਂ ਦੇ ਸਹਿਯੋਗ ਨਾਲ 15ਵਾਂ ਅੱਖਾਂ ਦਾ ਮੁਫ਼ਤ ਚੈਕਅੱਪ ਕੈਂਪ ਲਗਾਇਆ ਗਿਆ। ਇਸ ਕੈਂਪ ਦੌਰਾਨ ਮਾਹਿਰ ਡਾਕਟਰਾਂ ਦੀ ਟੀਮ ਵੱਲੋਂ ਮਰੀਜ਼ਾਂ ਦੀਆਂ ਅੱਖਾਂ ਦੀ ਜਾਂਚ ਕੀਤੀ ਗਈ ਅਤੇ ਮੁਫ਼ਤ ਦਵਾਈਆਂ ਵੀ ਵੰਡੀਆਂ ਗਈਆਂ।
ਕੈਂਪ ਵਿੱਚ ਕੁੱਲ 143 ਮਰੀਜ਼ਾਂ ਦੀ ਜਾਂਚ ਕੀਤੀ ਗਈ ਜਿਨ੍ਹਾਂ ਵਿੱਚੋਂ 12 ਮਰੀਜ਼ਾਂ ਨੂੰ ਅਪਰੇਸ਼ਨ ਲਈ ਚੁਣਿਆ ਗਿਆ। ਸੰਗਤਾਂ ਲਈ ਅਟੁੱਟ ਲੰਗਰ ਵੀ ਵਰਤਾਇਆ ਗਿਆ।
ਅੱਖਾਂ ਦੇ ਮੁਫ਼ਤ ਚੈਕਅੱਪ ਕੈਂਪ ਦੌਰਾਨ ਹਾਜ਼ਰ ਸੰਤ ਮਹਾਂਪੁਰਸ਼ ਤੇ ਪਤਵੰਤੇ ਸੱਜਣ।
ਮੋਤੀਆਬਿੰਦ ਦੇ ਮਰੀਜ਼ਾਂ ਨੂੰ ਅਪਰੇਸ਼ਨ ਲਈ ਹਸਪਤਾਲ ਭੇਜਿਆ ਗਿਆ, ਜਿੱਥੇ ਉਨ੍ਹਾਂ ਦੇ ਅਪਰੇਸ਼ਨ ਮੁਫ਼ਤ ਕੀਤੇ ਜਾਣਗੇ। ਸੰਤ ਮਹਾਂਪੁਰਸ਼ਾਂ ਨੇ ਕਿਹਾ ਕਿ ਮਨੁੱਖਤਾ ਦੀ ਸੇਵਾ ਸਭ ਤੋਂ ਵੱਡਾ ਧਰਮ ਹੈ ਅਤੇ ਗੁਰੂ ਸਾਹਿਬ ਨੇ ਵੀ ਸਾਨੂੰ ਇਹੀ ਸਿੱਖਿਆ ਦਿੱਤੀ ਹੈ। ਉਨ੍ਹਾਂ ਦੱਸਿਆ ਕਿ ਪਿਛਲੇ ਸਾਲਾਂ ਦੌਰਾਨ ਹਜ਼ਾਰਾਂ ਮਰੀਜ਼ਾਂ ਨੇ ਇਨ੍ਹਾਂ ਕੈਂਪਾਂ ਦਾ ਲਾਭ ਲਿਆ ਹੈ।
ਇਸ ਮੌਕੇ ਪਤਵੰਤੇ ਸੱਜਣਾਂ ਨੇ ਪ੍ਰਬੰਧਕਾਂ ਦੇ ਇਸ ਉਪਰਾਲੇ ਦੀ ਭਰਪੂਰ ਸ਼ਲਾਘਾ ਕੀਤੀ ਅਤੇ ਕਿਹਾ ਕਿ ਅਜਿਹੇ ਕੈਂਪ ਸਮਾਜ ਲਈ ਵਰਦਾਨ ਸਾਬਤ ਹੁੰਦੇ ਹਨ। ਉਨ੍ਹਾਂ ਕਿਹਾ ਕਿ ਗਰੀਬ ਤੇ ਲੋੜਵੰਦ ਪਰਿਵਾਰਾਂ ਲਈ ਮੁਫ਼ਤ ਇਲਾਜ ਦੀ ਸਹੂਲਤ ਬਹੁਤ ਵੱਡੀ ਰਾਹਤ ਹੈ। ਅੰਤ ਵਿੱਚ ਡਾਕਟਰਾਂ ਦੀ ਟੀਮ ਅਤੇ ਸੇਵਾਦਾਰਾਂ ਦਾ ਵਿਸ਼ੇਸ਼ ਧੰਨਵਾਦ ਕੀਤਾ ਗਿਆ।
